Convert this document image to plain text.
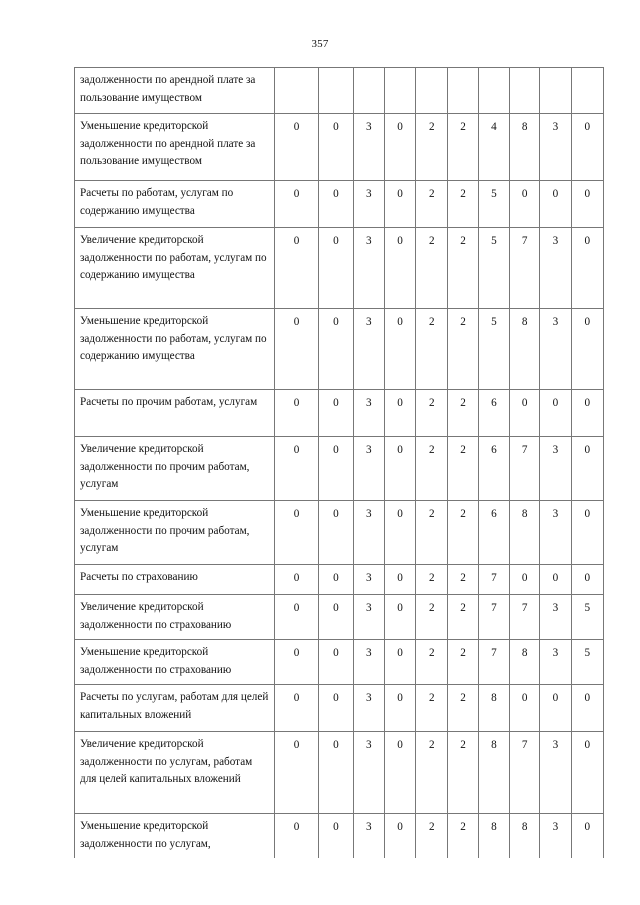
357
задолженности по арендной плате за пользование имуществом										
Уменьшение кредиторской задолженности по арендной плате за пользование имуществом	0	0	3	0	2	2	4	8	3	0
Расчеты по работам, услугам по содержанию имущества	0	0	3	0	2	2	5	0	0	0
Увеличение кредиторской задолженности по работам, услугам по содержанию имущества	0	0	3	0	2	2	5	7	3	0
Уменьшение кредиторской задолженности по работам, услугам по содержанию имущества	0	0	3	0	2	2	5	8	3	0
Расчеты по прочим работам, услугам	0	0	3	0	2	2	6	0	0	0
Увеличение кредиторской задолженности по прочим работам, услугам	0	0	3	0	2	2	6	7	3	0
Уменьшение кредиторской задолженности по прочим работам, услугам	0	0	3	0	2	2	6	8	3	0
Расчеты по страхованию	0	0	3	0	2	2	7	0	0	0
Увеличение кредиторской задолженности по страхованию	0	0	3	0	2	2	7	7	3	5
Уменьшение кредиторской задолженности по страхованию	0	0	3	0	2	2	7	8	3	5
Расчеты по услугам, работам для целей капитальных вложений	0	0	3	0	2	2	8	0	0	0
Увеличение кредиторской задолженности по услугам, работам для целей капитальных вложений	0	0	3	0	2	2	8	7	3	0
Уменьшение кредиторской задолженности по услугам,	0	0	3	0	2	2	8	8	3	0
